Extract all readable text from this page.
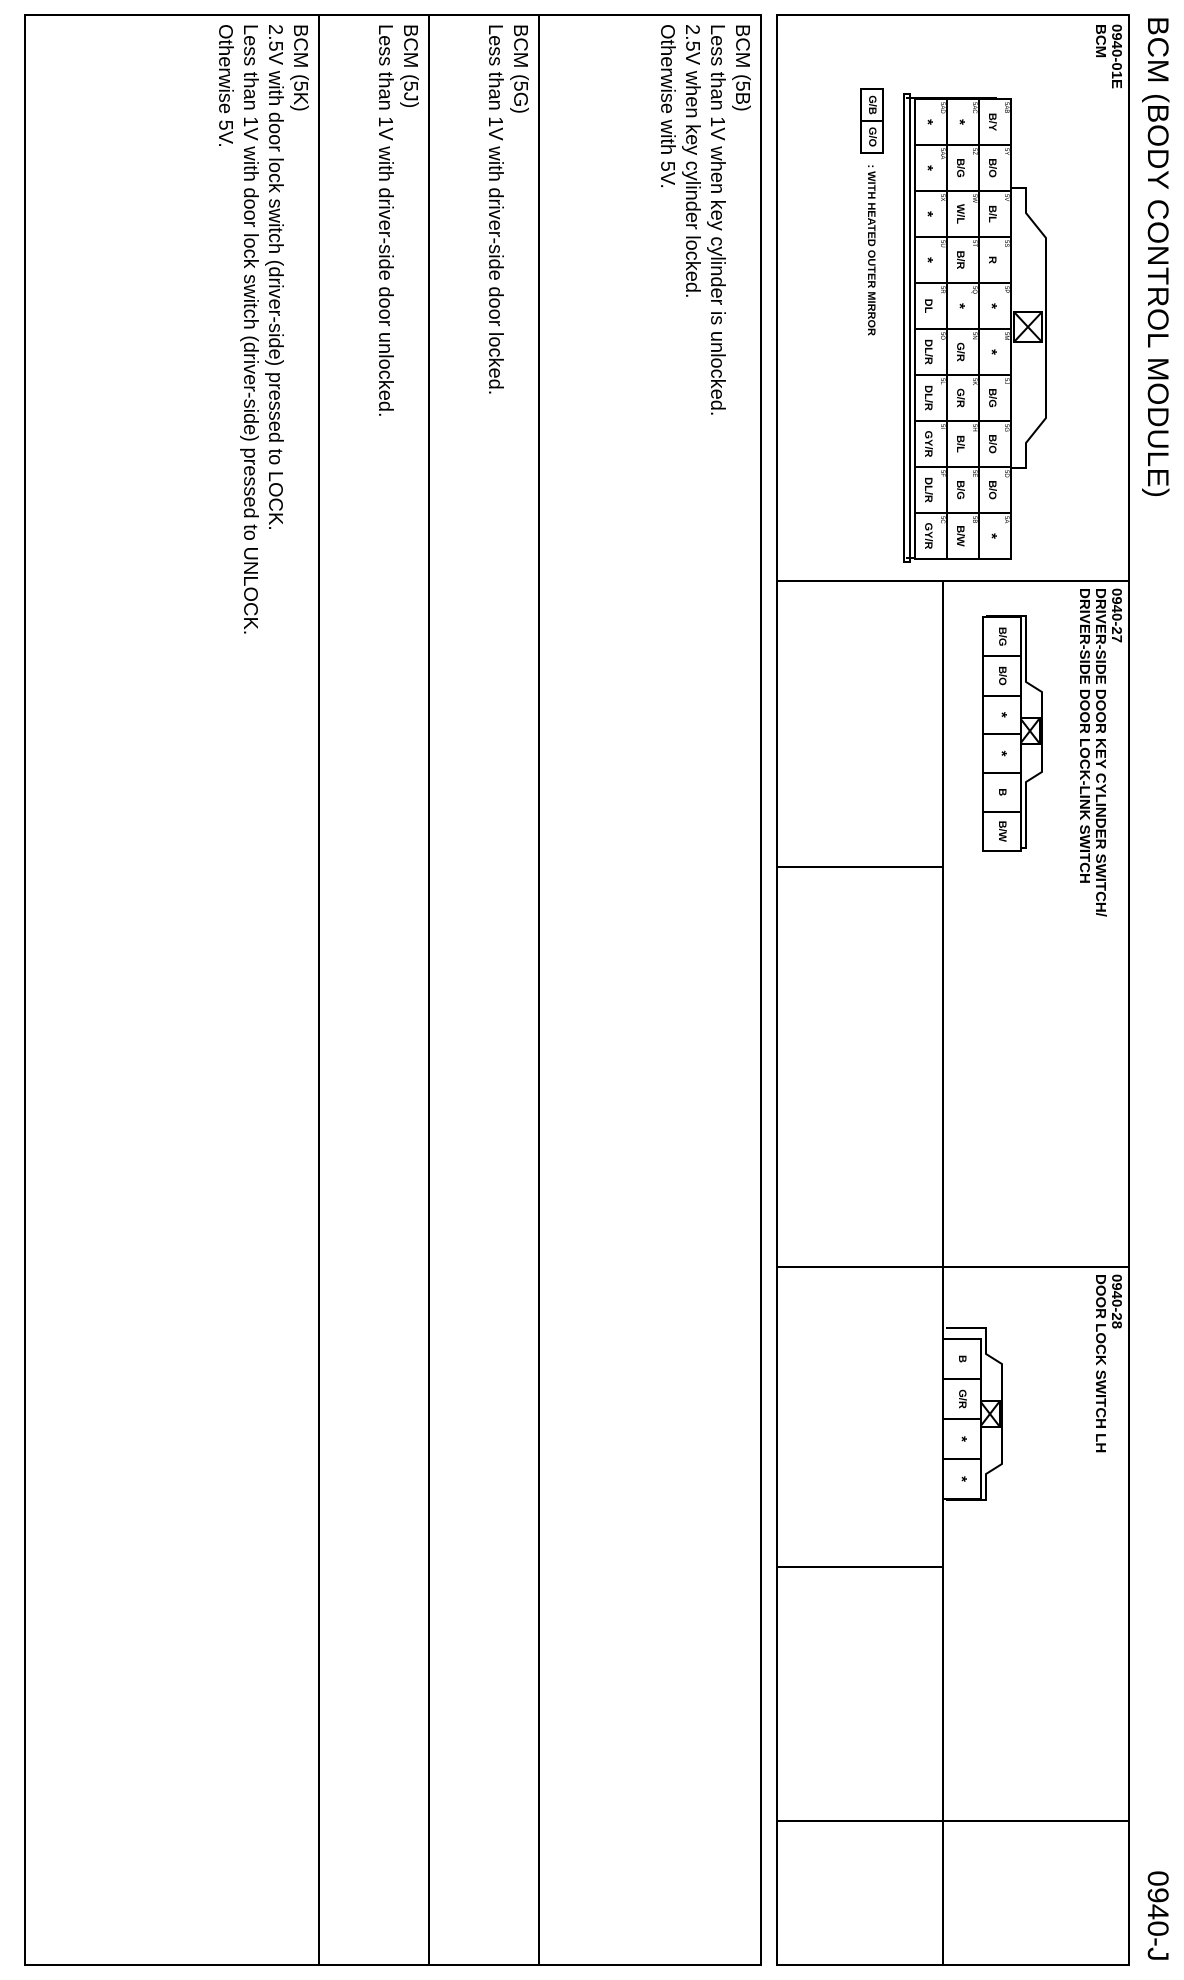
BCM (BODY CONTROL MODULE)
0940-J
0940-01E
BCM
5AB
B/Y	5Y
B/O	5V
B/L	5S
R	5P
*	5M
*	5J
B/G	5G
B/O	5D
B/O	5A
*

5AC
*	5Z
B/G	5W
W/L	5T
B/R	5Q
*	5N
G/R	5K
G/R	5H
B/L	5E
B/G	5B
B/W

5AD
*	5AA
*	5X
*	5U
*	5R
DL	5O
DL/R	5L
DL/R	5I
GY/R	5F
DL/R	5C
GY/R
G/B	G/O : WITH HEATED OUTER MIRROR
0940-27
DRIVER-SIDE DOOR KEY CYLINDER SWITCH/
DRIVER-SIDE DOOR LOCK-LINK SWITCH
B/G

B/O

*

*

B

B/W
0940-28
DOOR LOCK SWITCH LH
B

G/R

*

*
BCM (5B)
Less than 1V when key cylinder is unlocked.
2.5V when key cylinder locked.
Otherwise with 5V.
BCM (5G)
Less than 1V with driver-side door locked.
BCM (5J)
Less than 1V with driver-side door unlocked.
BCM (5K)
2.5V with door lock switch (driver-side) pressed to LOCK.
Less than 1V with door lock switch (driver-side) pressed to UNLOCK.
Otherwise 5V.
